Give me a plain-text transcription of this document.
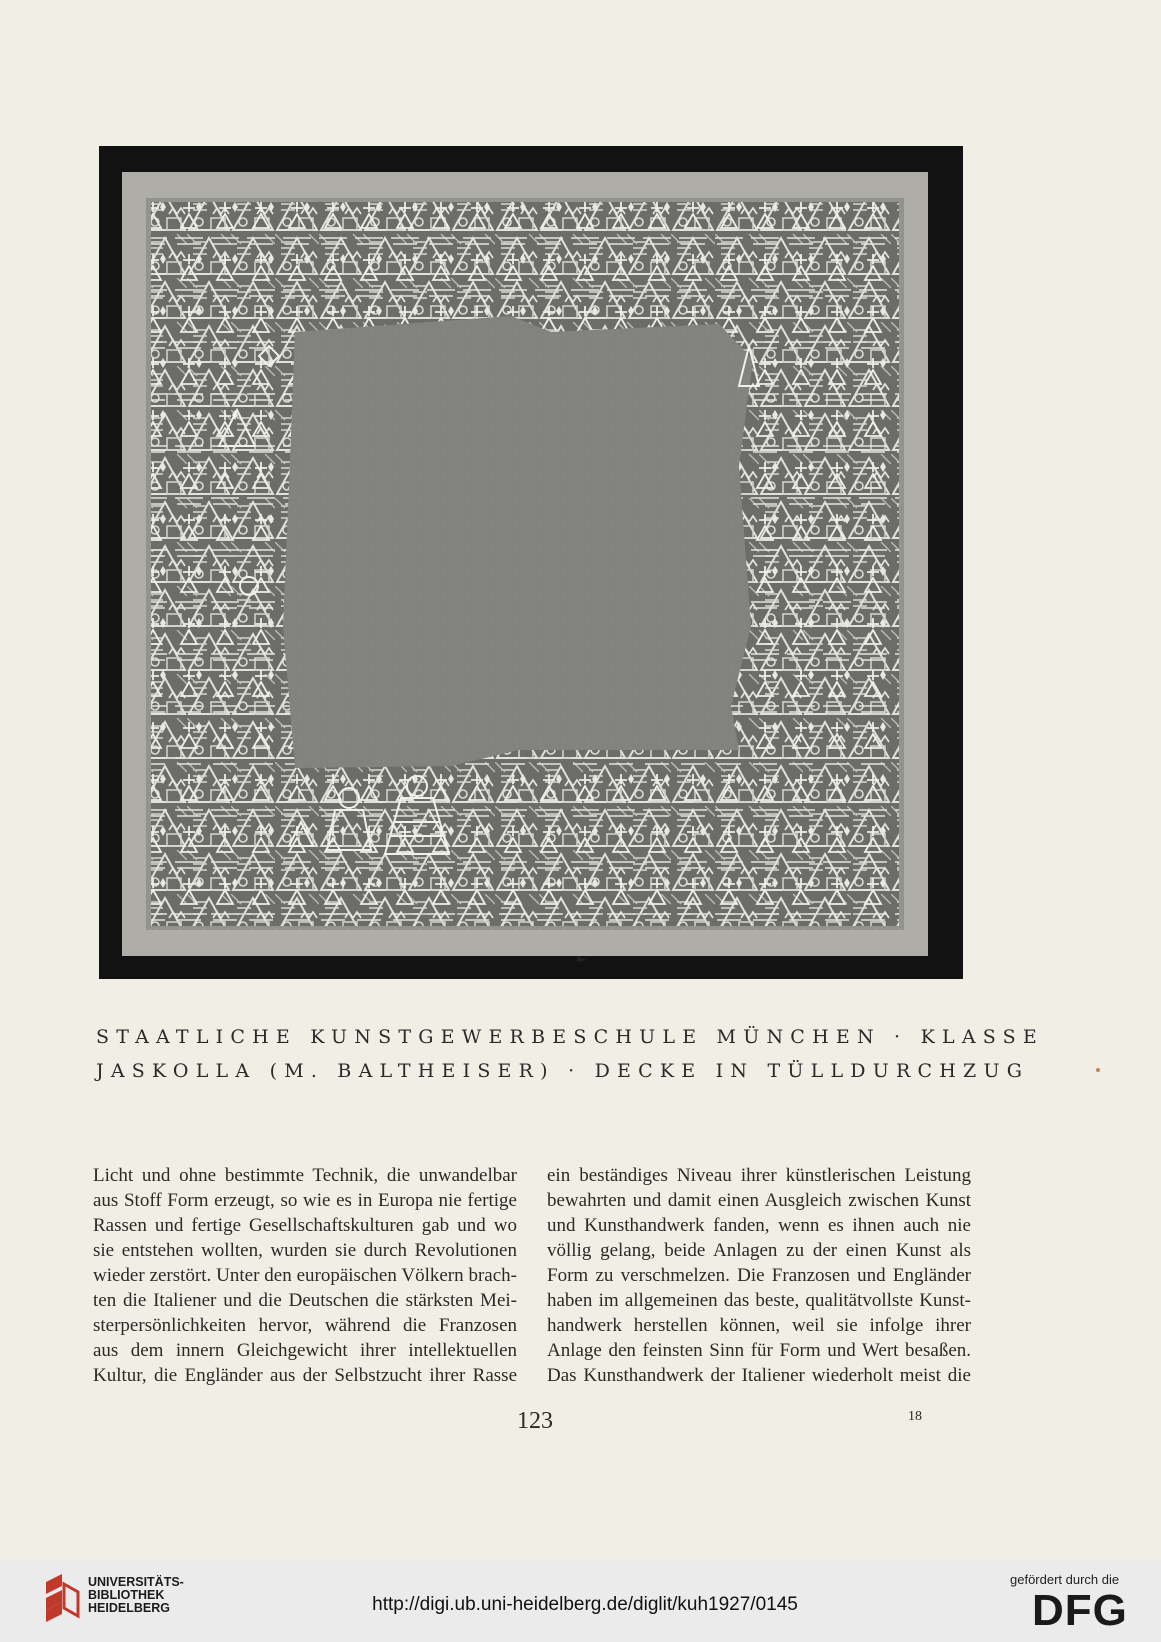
STAATLICHE KUNSTGEWERBESCHULE MÜNCHEN · KLASSE
JASKOLLA (M. BALTHEISER) · DECKE IN TÜLLDURCHZUG
Licht und ohne bestimmte Technik, die unwandelbar
aus Stoff Form erzeugt, so wie es in Europa nie fertige
Rassen und fertige Gesellschaftskulturen gab und wo
sie entstehen wollten, wurden sie durch Revolutionen
wieder zerstört. Unter den europäischen Völkern brach-
ten die Italiener und die Deutschen die stärksten Mei-
sterpersönlichkeiten hervor, während die Franzosen
aus dem innern Gleichgewicht ihrer intellektuellen
Kultur, die Engländer aus der Selbstzucht ihrer Rasse
ein beständiges Niveau ihrer künstlerischen Leistung
bewahrten und damit einen Ausgleich zwischen Kunst
und Kunsthandwerk fanden, wenn es ihnen auch nie
völlig gelang, beide Anlagen zu der einen Kunst als
Form zu verschmelzen. Die Franzosen und Engländer
haben im allgemeinen das beste, qualitätvollste Kunst-
handwerk herstellen können, weil sie infolge ihrer
Anlage den feinsten Sinn für Form und Wert besaßen.
Das Kunsthandwerk der Italiener wiederholt meist die
123	18
UNIVERSITÄTS-
BIBLIOTHEK
HEIDELBERG	http://digi.ub.uni-heidelberg.de/diglit/kuh1927/0145
gefördert durch die
DFG
